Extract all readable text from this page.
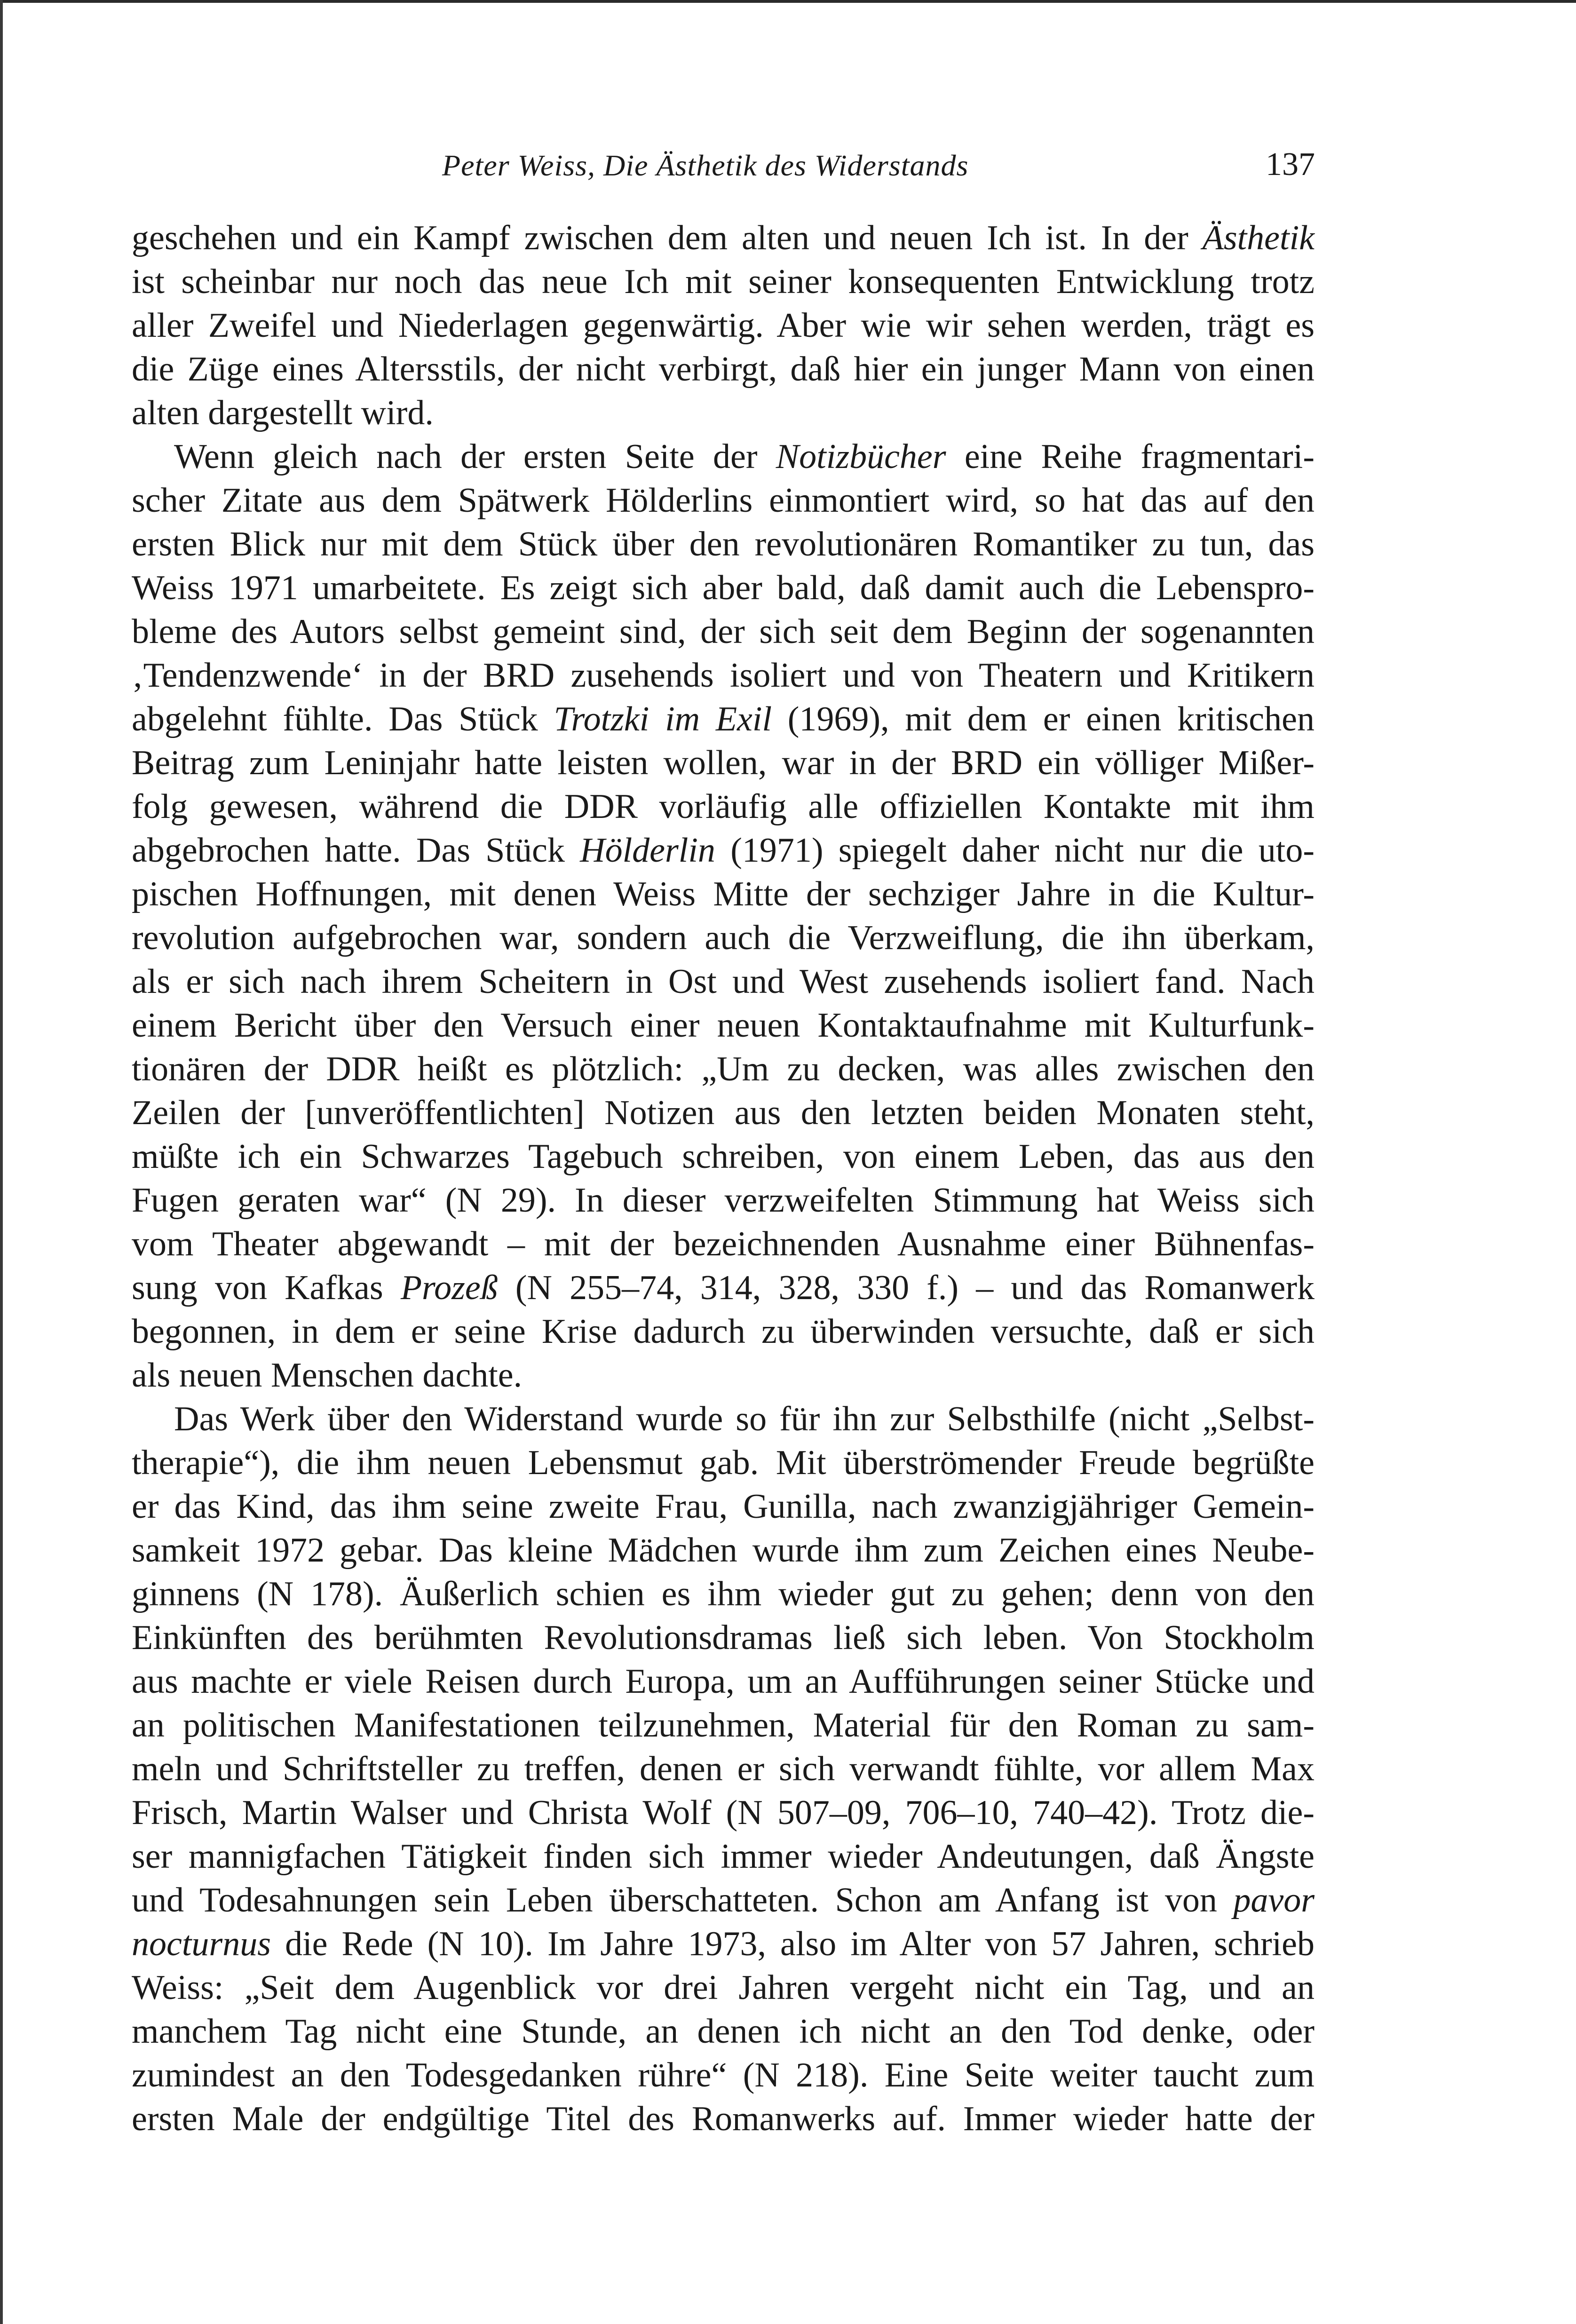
Peter Weiss, Die Ästhetik des Widerstands	137
geschehen und ein Kampf zwischen dem alten und neuen Ich ist. In der Ästhetik
ist scheinbar nur noch das neue Ich mit seiner konsequenten Entwicklung trotz
aller Zweifel und Niederlagen gegenwärtig. Aber wie wir sehen werden, trägt es
die Züge eines Altersstils, der nicht verbirgt, daß hier ein junger Mann von einen
alten dargestellt wird.
Wenn gleich nach der ersten Seite der Notizbücher eine Reihe fragmentari-
scher Zitate aus dem Spätwerk Hölderlins einmontiert wird, so hat das auf den
ersten Blick nur mit dem Stück über den revolutionären Romantiker zu tun, das
Weiss 1971 umarbeitete. Es zeigt sich aber bald, daß damit auch die Lebenspro-
bleme des Autors selbst gemeint sind, der sich seit dem Beginn der sogenannten
‚Tendenzwende‘ in der BRD zusehends isoliert und von Theatern und Kritikern
abgelehnt fühlte. Das Stück Trotzki im Exil (1969), mit dem er einen kritischen
Beitrag zum Leninjahr hatte leisten wollen, war in der BRD ein völliger Mißer-
folg gewesen, während die DDR vorläufig alle offiziellen Kontakte mit ihm
abgebrochen hatte. Das Stück Hölderlin (1971) spiegelt daher nicht nur die uto-
pischen Hoffnungen, mit denen Weiss Mitte der sechziger Jahre in die Kultur-
revolution aufgebrochen war, sondern auch die Verzweiflung, die ihn überkam,
als er sich nach ihrem Scheitern in Ost und West zusehends isoliert fand. Nach
einem Bericht über den Versuch einer neuen Kontaktaufnahme mit Kulturfunk-
tionären der DDR heißt es plötzlich: „Um zu decken, was alles zwischen den
Zeilen der [unveröffentlichten] Notizen aus den letzten beiden Monaten steht,
müßte ich ein Schwarzes Tagebuch schreiben, von einem Leben, das aus den
Fugen geraten war“ (N 29). In dieser verzweifelten Stimmung hat Weiss sich
vom Theater abgewandt – mit der bezeichnenden Ausnahme einer Bühnenfas-
sung von Kafkas Prozeß (N 255–74, 314, 328, 330 f.) – und das Romanwerk
begonnen, in dem er seine Krise dadurch zu überwinden versuchte, daß er sich
als neuen Menschen dachte.
Das Werk über den Widerstand wurde so für ihn zur Selbsthilfe (nicht „Selbst-
therapie“), die ihm neuen Lebensmut gab. Mit überströmender Freude begrüßte
er das Kind, das ihm seine zweite Frau, Gunilla, nach zwanzigjähriger Gemein-
samkeit 1972 gebar. Das kleine Mädchen wurde ihm zum Zeichen eines Neube-
ginnens (N 178). Äußerlich schien es ihm wieder gut zu gehen; denn von den
Einkünften des berühmten Revolutionsdramas ließ sich leben. Von Stockholm
aus machte er viele Reisen durch Europa, um an Aufführungen seiner Stücke und
an politischen Manifestationen teilzunehmen, Material für den Roman zu sam-
meln und Schriftsteller zu treffen, denen er sich verwandt fühlte, vor allem Max
Frisch, Martin Walser und Christa Wolf (N 507–09, 706–10, 740–42). Trotz die-
ser mannigfachen Tätigkeit finden sich immer wieder Andeutungen, daß Ängste
und Todesahnungen sein Leben überschatteten. Schon am Anfang ist von pavor
nocturnus die Rede (N 10). Im Jahre 1973, also im Alter von 57 Jahren, schrieb
Weiss: „Seit dem Augenblick vor drei Jahren vergeht nicht ein Tag, und an
manchem Tag nicht eine Stunde, an denen ich nicht an den Tod denke, oder
zumindest an den Todesgedanken rühre“ (N 218). Eine Seite weiter taucht zum
ersten Male der endgültige Titel des Romanwerks auf. Immer wieder hatte der
